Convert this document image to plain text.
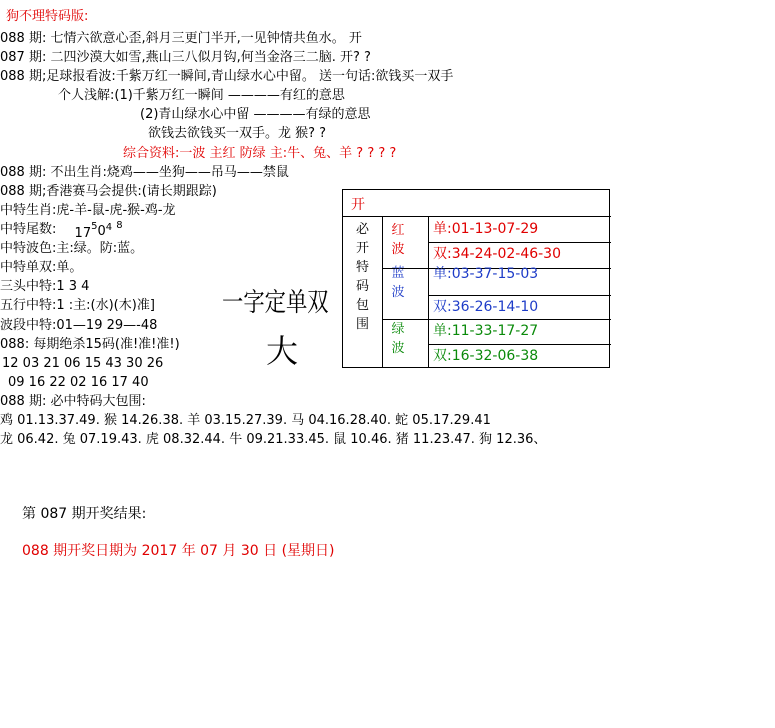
狗不理特码版:
088 期: 七情六欲意心歪,斜月三更门半开,一见钟情共鱼水。 开
087 期: 二四沙漠大如雪,燕山三八似月钩,何当金洛三二脑. 开? ?
088 期;足球报看波:千紫万红一瞬间,青山绿水心中留。 送一句话:欲钱买一双手
个人浅解:(1)千紫万红一瞬间 ————有红的意思
(2)青山绿水心中留 ————有绿的意思
欲钱去欲钱买一双手。龙 猴? ?
综合资料:一波 主红 防绿 主:牛、兔、羊 ? ? ? ?
088 期: 不出生肖:烧鸡——坐狗——吊马——禁鼠
088 期;香港赛马会提供:(请长期跟踪)
中特生肖:虎-羊-鼠-虎-猴-鸡-龙
中特尾数: $17^50^4$ $^8$
中特波色:主:绿。防:蓝。
中特单双:单。
三头中特:1 3 4
五行中特:1 :主:(水)(木)准]
波段中特:01—19 29—-48
088: 每期绝杀15码(准!准!准!)
12 03 21 06 15 43 30 26
09 16 22 02 16 17 40
088 期: 必中特码大包围:
鸡 01.13.37.49. 猴 14.26.38. 羊 03.15.27.39. 马 04.16.28.40. 蛇 05.17.29.41
龙 06.42. 兔 07.19.43. 虎 08.32.44. 牛 09.21.33.45. 鼠 10.46. 猪 11.23.47. 狗 12.36、
一字定单双
大
开
必
开
特
码
包
围
红
波
蓝
波
绿
波
单:01-13-07-29
双:34-24-02-46-30
单:03-37-15-03
双:36-26-14-10
单:11-33-17-27
双:16-32-06-38
第 087 期开奖结果:
088 期开奖日期为 2017 年 07 月 30 日 (星期日)
